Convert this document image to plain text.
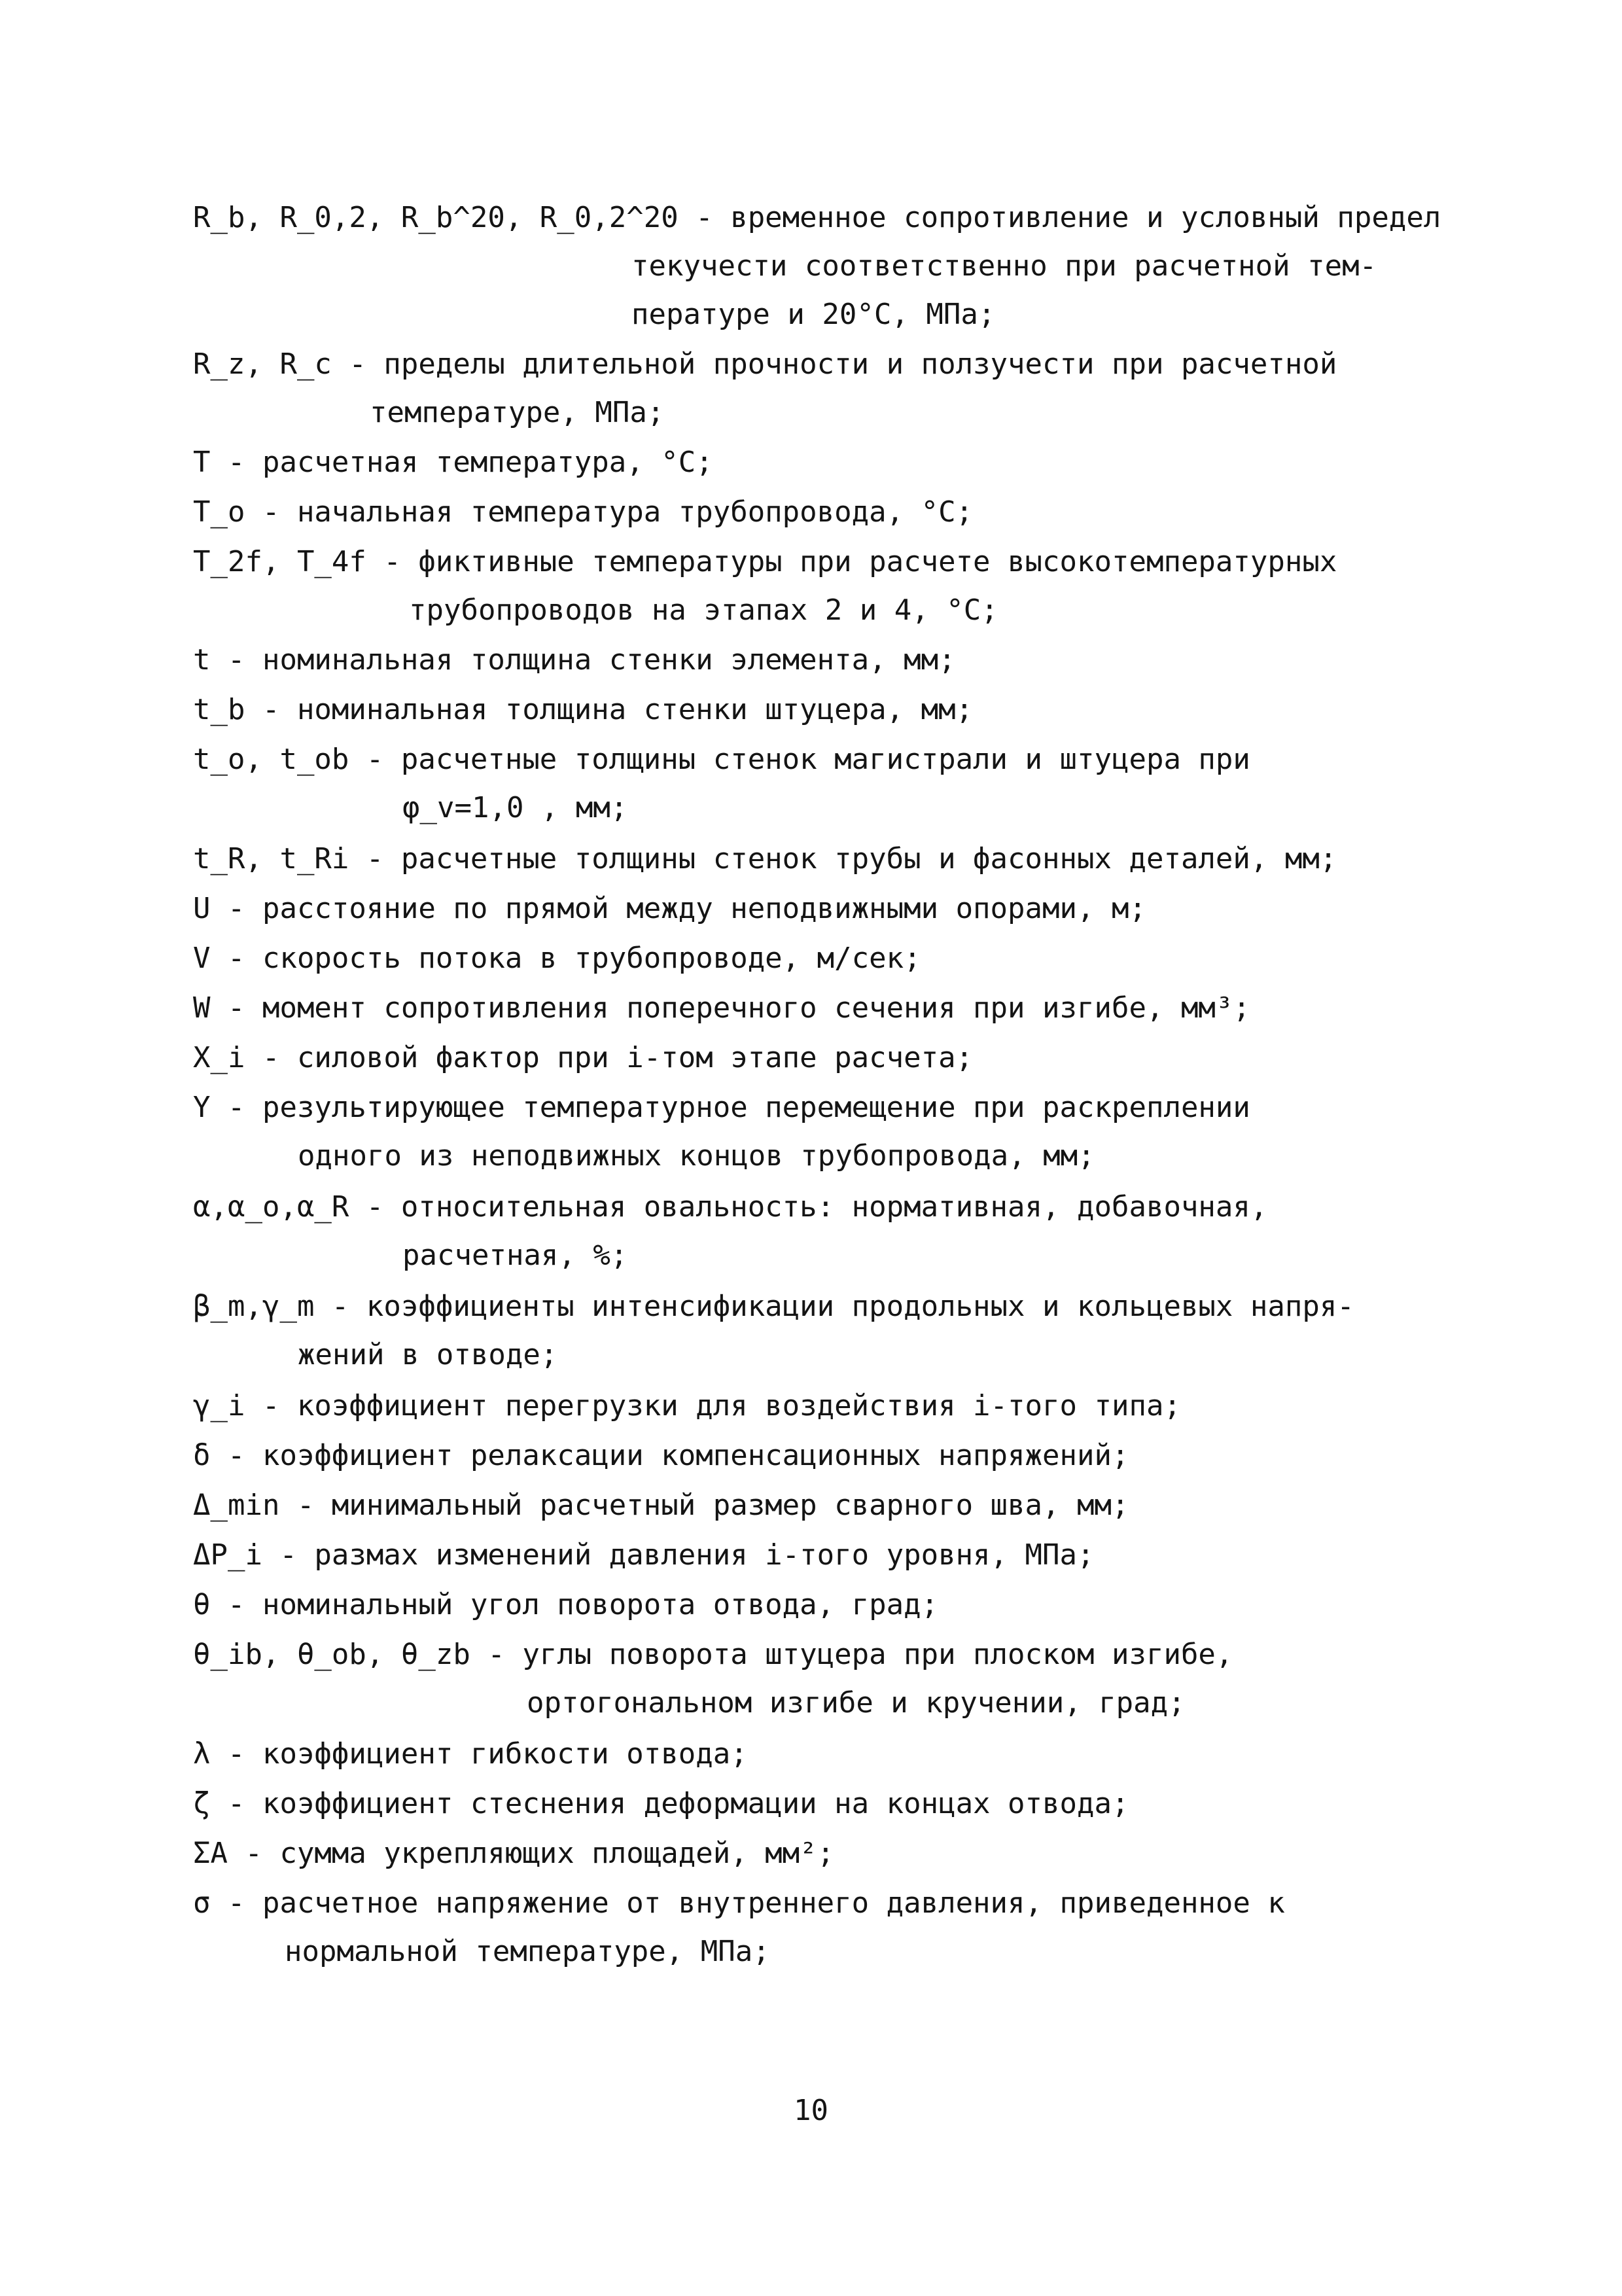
R_b, R_0,2, R_b^20, R_0,2^20 - временное сопротивление и условный предел
текучести соответственно при расчетной тем-
пературе и 20°C, МПа;
R_z, R_c - пределы длительной прочности и ползучести при расчетной
температуре, МПа;
T - расчетная температура, °C;
T_o - начальная температура трубопровода, °C;
T_2f, T_4f - фиктивные температуры при расчете высокотемпературных
трубопроводов на этапах 2 и 4, °C;
t - номинальная толщина стенки элемента, мм;
t_b - номинальная толщина стенки штуцера, мм;
t_o, t_ob - расчетные толщины стенок магистрали и штуцера при
φ_v=1,0 , мм;
t_R, t_Ri - расчетные толщины стенок трубы и фасонных деталей, мм;
U - расстояние по прямой между неподвижными опорами, м;
V - скорость потока в трубопроводе, м/сек;
W - момент сопротивления поперечного сечения при изгибе, мм³;
X_i - силовой фактор при i-том этапе расчета;
Y - результирующее температурное перемещение при раскреплении
одного из неподвижных концов трубопровода, мм;
α,α_o,α_R - относительная овальность: нормативная, добавочная,
расчетная, %;
β_m,γ_m - коэффициенты интенсификации продольных и кольцевых напря-
жений в отводе;
γ_i - коэффициент перегрузки для воздействия i-того типа;
δ - коэффициент релаксации компенсационных напряжений;
Δ_min - минимальный расчетный размер сварного шва, мм;
ΔP_i - размах изменений давления i-того уровня, МПа;
θ - номинальный угол поворота отвода, град;
θ_ib, θ_ob, θ_zb - углы поворота штуцера при плоском изгибе,
ортогональном изгибе и кручении, град;
λ - коэффициент гибкости отвода;
ζ - коэффициент стеснения деформации на концах отвода;
ΣA - сумма укрепляющих площадей, мм²;
σ - расчетное напряжение от внутреннего давления, приведенное к
нормальной температуре, МПа;
10
